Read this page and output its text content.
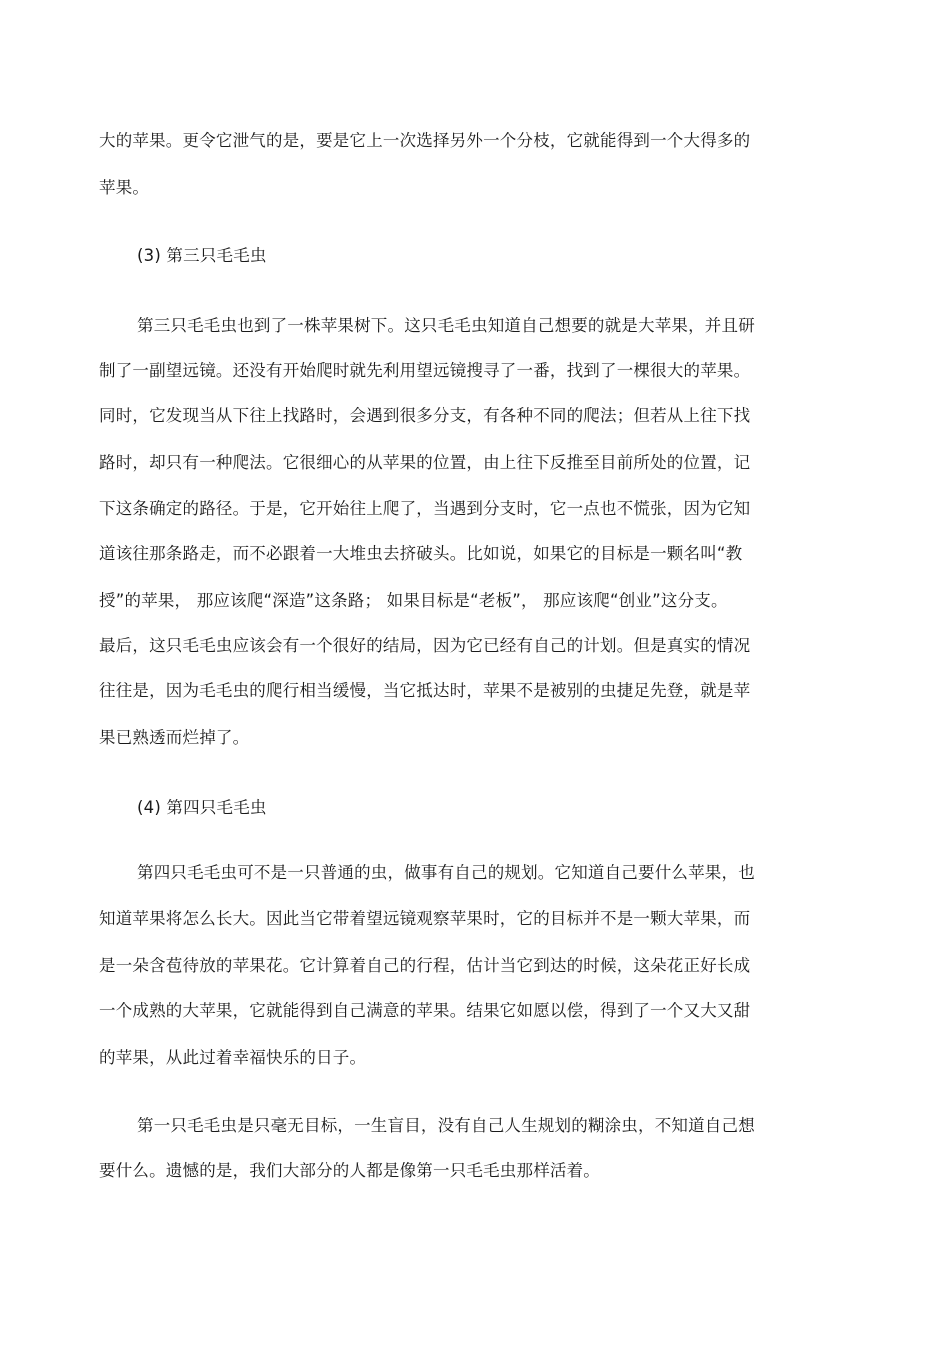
大的苹果。更令它泄气的是，要是它上一次选择另外一个分枝，它就能得到一个大得多的
苹果。
(3) 第三只毛毛虫
第三只毛毛虫也到了一株苹果树下。这只毛毛虫知道自己想要的就是大苹果，并且研
制了一副望远镜。还没有开始爬时就先利用望远镜搜寻了一番，找到了一棵很大的苹果。
同时，它发现当从下往上找路时，会遇到很多分支，有各种不同的爬法；但若从上往下找
路时，却只有一种爬法。它很细心的从苹果的位置，由上往下反推至目前所处的位置，记
下这条确定的路径。于是，它开始往上爬了，当遇到分支时，它一点也不慌张，因为它知
道该往那条路走，而不必跟着一大堆虫去挤破头。比如说，如果它的目标是一颗名叫“教
授”的苹果， 那应该爬“深造”这条路； 如果目标是“老板”， 那应该爬“创业”这分支。
最后，这只毛毛虫应该会有一个很好的结局，因为它已经有自己的计划。但是真实的情况
往往是，因为毛毛虫的爬行相当缓慢，当它抵达时，苹果不是被别的虫捷足先登，就是苹
果已熟透而烂掉了。
(4) 第四只毛毛虫
第四只毛毛虫可不是一只普通的虫，做事有自己的规划。它知道自己要什么苹果，也
知道苹果将怎么长大。因此当它带着望远镜观察苹果时，它的目标并不是一颗大苹果，而
是一朵含苞待放的苹果花。它计算着自己的行程，估计当它到达的时候，这朵花正好长成
一个成熟的大苹果，它就能得到自己满意的苹果。结果它如愿以偿，得到了一个又大又甜
的苹果，从此过着幸福快乐的日子。
第一只毛毛虫是只毫无目标，一生盲目，没有自己人生规划的糊涂虫，不知道自己想
要什么。遗憾的是，我们大部分的人都是像第一只毛毛虫那样活着。
